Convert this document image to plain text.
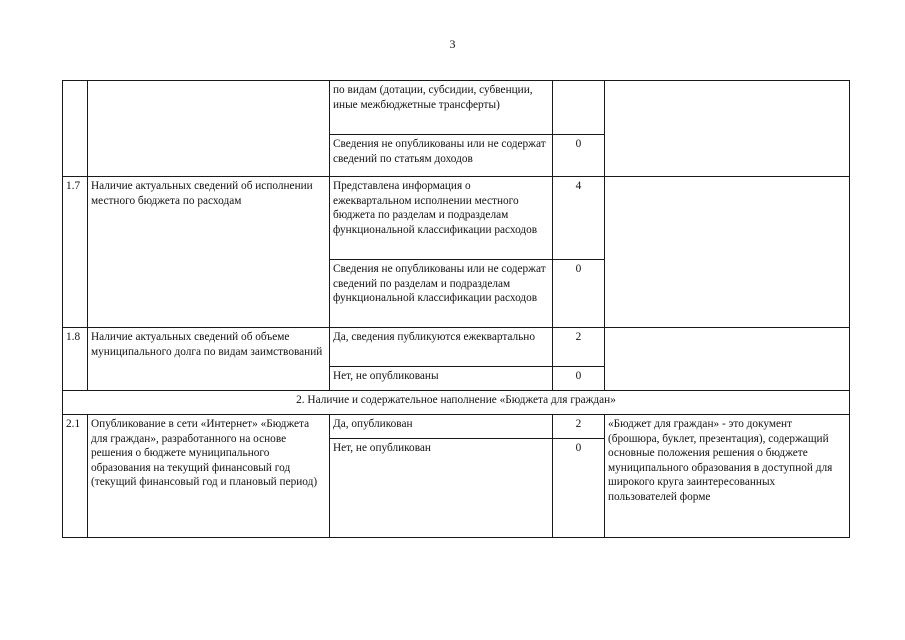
3
		по видам (дотации, субсидии, субвенции, иные межбюджетные трансферты)		
		Сведения не опубликованы или не содержат сведений по статьям доходов	0	
1.7	Наличие актуальных сведений об исполнении местного бюджета по расходам	Представлена информация о ежеквартальном исполнении местного бюджета по разделам и подразделам функциональной классификации расходов	4	
		Сведения не опубликованы или не содержат сведений по разделам и подразделам функциональной классификации расходов	0	
1.8	Наличие актуальных сведений об объеме муниципального долга по видам заимствований	Да, сведения публикуются ежеквартально	2	
		Нет, не опубликованы	0	
2. Наличие и содержательное наполнение «Бюджета для граждан»				
2.1	Опубликование в сети «Интернет» «Бюджета для граждан», разработанного на основе решения о бюджете муниципального образования на текущий финансовый год (текущий финансовый год и плановый период)	Да, опубликован	2	«Бюджет для граждан» - это документ (брошюра, буклет, презентация), содержащий основные положения решения о бюджете муниципального образования в доступной для широкого круга заинтересованных пользователей форме
		Нет, не опубликован	0	
